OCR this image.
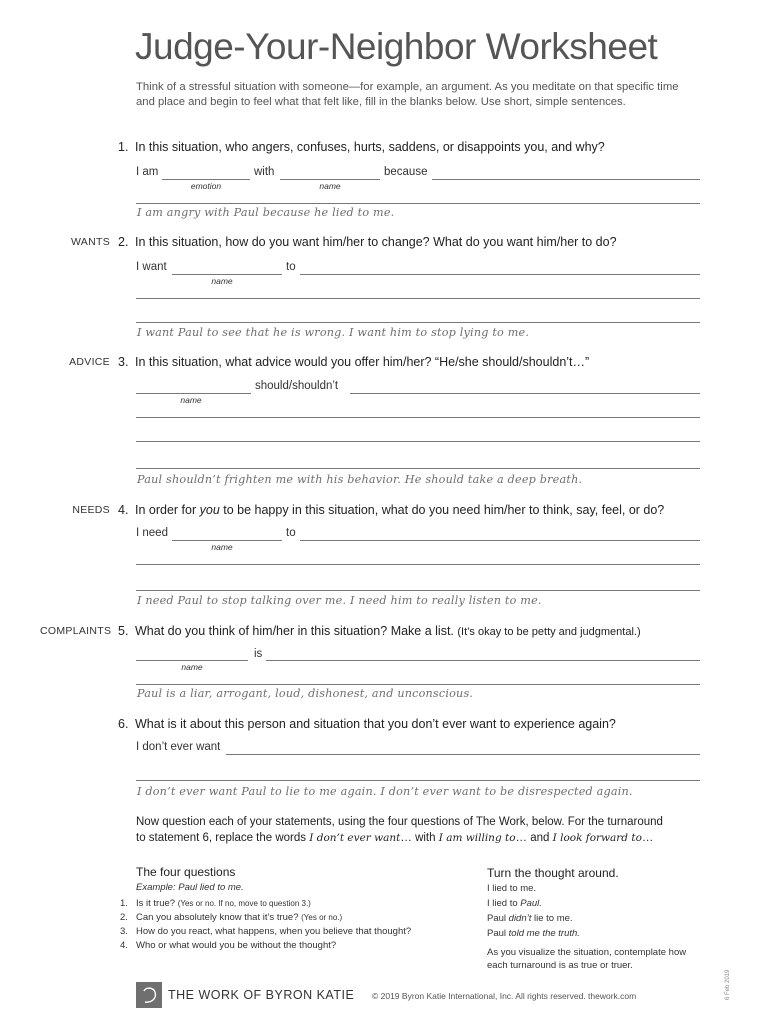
Judge-Your-Neighbor Worksheet
Think of a stressful situation with someone—for example, an argument. As you meditate on that specific time and place and begin to feel what that felt like, fill in the blanks below. Use short, simple sentences.
1. In this situation, who angers, confuses, hurts, saddens, or disappoints you, and why?
I am
emotion
with
name
because
I am angry with Paul because he lied to me.
WANTS 2. In this situation, how do you want him/her to change? What do you want him/her to do?
I want
name
to
I want Paul to see that he is wrong. I want him to stop lying to me.
ADVICE 3. In this situation, what advice would you offer him/her? “He/she should/shouldn’t…”
name
should/shouldn’t
Paul shouldn’t frighten me with his behavior. He should take a deep breath.
NEEDS 4. In order for you to be happy in this situation, what do you need him/her to think, say, feel, or do?
I need
name
to
I need Paul to stop talking over me. I need him to really listen to me.
COMPLAINTS 5. What do you think of him/her in this situation? Make a list. (It’s okay to be petty and judgmental.)
name
is
Paul is a liar, arrogant, loud, dishonest, and unconscious.
6. What is it about this person and situation that you don’t ever want to experience again?
I don’t ever want
I don’t ever want Paul to lie to me again. I don’t ever want to be disrespected again.
Now question each of your statements, using the four questions of The Work, below. For the turnaround
to statement 6, replace the words I don’t ever want… with I am willing to… and I look forward to…
The four questions
Example: Paul lied to me.
1. Is it true? (Yes or no. If no, move to question 3.)
2. Can you absolutely know that it’s true? (Yes or no.)
3. How do you react, what happens, when you believe that thought?
4. Who or what would you be without the thought?
Turn the thought around.
I lied to me.
I lied to Paul.
Paul didn’t lie to me.
Paul told me the truth.
As you visualize the situation, contemplate how each turnaround is as true or truer.
THE WORK OF BYRON KATIE © 2019 Byron Katie International, Inc. All rights reserved. thework.com	6 Feb 2019
